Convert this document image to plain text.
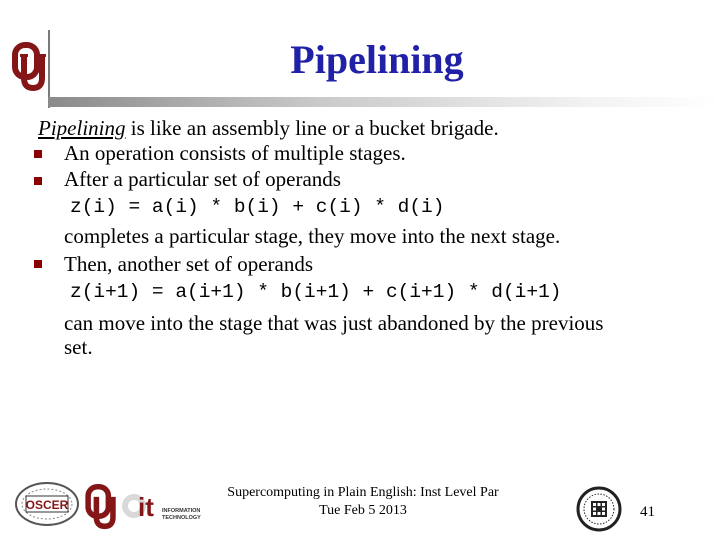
Pipelining
Pipelining is like an assembly line or a bucket brigade.
An operation consists of multiple stages.
After a particular set of operands
z(i) = a(i) * b(i) + c(i) * d(i)
completes a particular stage, they move into the next stage.
Then, another set of operands
z(i+1) = a(i+1) * b(i+1) + c(i+1) * d(i+1)
can move into the stage that was just abandoned by the previous
set.
OSCER	it INFORMATION
TECHNOLOGY
Supercomputing in Plain English: Inst Level Par
Tue Feb 5 2013	41
